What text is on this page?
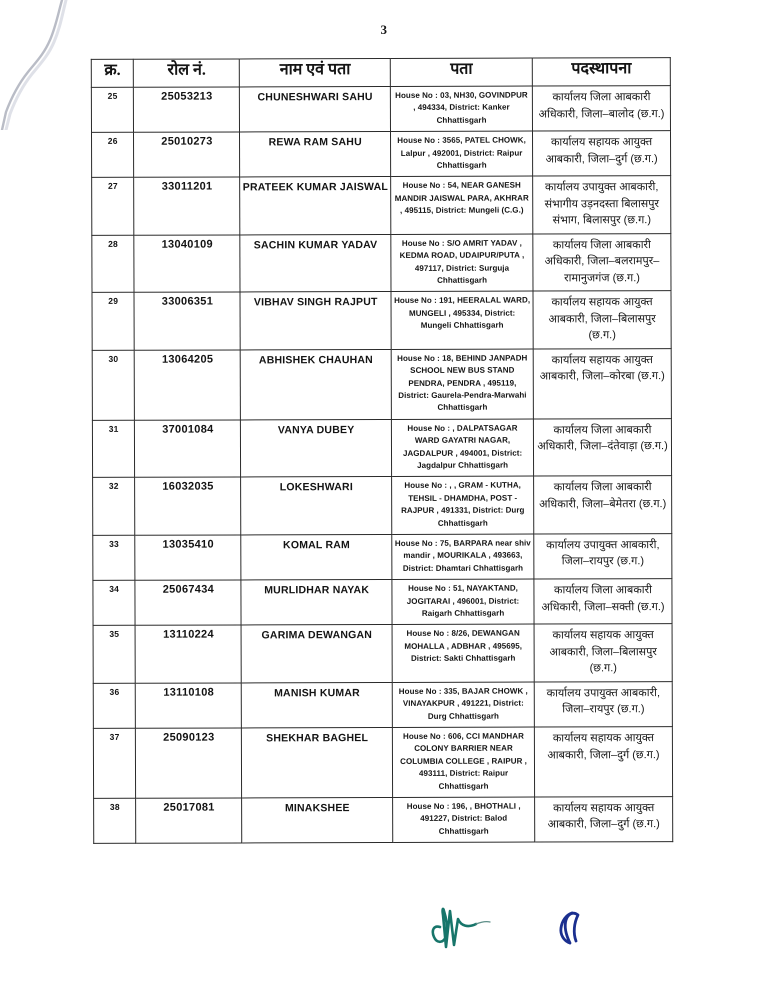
3
क्र.	रोल नं.	नाम एवं पता	पता	पदस्थापना
25	25053213	CHUNESHWARI SAHU	House No : 03, NH30, GOVINDPUR , 494334, District: Kanker Chhattisgarh	कार्यालय जिला आबकारी अधिकारी, जिला–बालोद (छ.ग.)
26	25010273	REWA RAM SAHU	House No : 3565, PATEL CHOWK, Lalpur , 492001, District: Raipur Chhattisgarh	कार्यालय सहायक आयुक्त आबकारी, जिला–दुर्ग (छ.ग.)
27	33011201	PRATEEK KUMAR JAISWAL	House No : 54, NEAR GANESH MANDIR JAISWAL PARA, AKHRAR , 495115, District: Mungeli (C.G.)	कार्यालय उपायुक्त आबकारी, संभागीय उड़नदस्ता बिलासपुर संभाग, बिलासपुर (छ.ग.)
28	13040109	SACHIN KUMAR YADAV	House No : S/O AMRIT YADAV , KEDMA ROAD, UDAIPUR/PUTA , 497117, District: Surguja Chhattisgarh	कार्यालय जिला आबकारी अधिकारी, जिला–बलरामपुर– रामानुजगंज (छ.ग.)
29	33006351	VIBHAV SINGH RAJPUT	House No : 191, HEERALAL WARD, MUNGELI , 495334, District: Mungeli Chhattisgarh	कार्यालय सहायक आयुक्त आबकारी, जिला–बिलासपुर (छ.ग.)
30	13064205	ABHISHEK CHAUHAN	House No : 18, BEHIND JANPADH SCHOOL NEW BUS STAND PENDRA, PENDRA , 495119, District: Gaurela-Pendra-Marwahi Chhattisgarh	कार्यालय सहायक आयुक्त आबकारी, जिला–कोरबा (छ.ग.)
31	37001084	VANYA DUBEY	House No : , DALPATSAGAR WARD GAYATRI NAGAR, JAGDALPUR , 494001, District: Jagdalpur Chhattisgarh	कार्यालय जिला आबकारी अधिकारी, जिला–दंतेवाड़ा (छ.ग.)
32	16032035	LOKESHWARI	House No : , , GRAM - KUTHA, TEHSIL - DHAMDHA, POST - RAJPUR , 491331, District: Durg Chhattisgarh	कार्यालय जिला आबकारी अधिकारी, जिला–बेमेतरा (छ.ग.)
33	13035410	KOMAL RAM	House No : 75, BARPARA near shiv mandir , MOURIKALA , 493663, District: Dhamtari Chhattisgarh	कार्यालय उपायुक्त आबकारी, जिला–रायपुर (छ.ग.)
34	25067434	MURLIDHAR NAYAK	House No : 51, NAYAKTAND, JOGITARAI , 496001, District: Raigarh Chhattisgarh	कार्यालय जिला आबकारी अधिकारी, जिला–सक्ती (छ.ग.)
35	13110224	GARIMA DEWANGAN	House No : 8/26, DEWANGAN MOHALLA , ADBHAR , 495695, District: Sakti Chhattisgarh	कार्यालय सहायक आयुक्त आबकारी, जिला–बिलासपुर (छ.ग.)
36	13110108	MANISH KUMAR	House No : 335, BAJAR CHOWK , VINAYAKPUR , 491221, District: Durg Chhattisgarh	कार्यालय उपायुक्त आबकारी, जिला–रायपुर (छ.ग.)
37	25090123	SHEKHAR BAGHEL	House No : 606, CCI MANDHAR COLONY BARRIER NEAR COLUMBIA COLLEGE , RAIPUR , 493111, District: Raipur Chhattisgarh	कार्यालय सहायक आयुक्त आबकारी, जिला–दुर्ग (छ.ग.)
38	25017081	MINAKSHEE	House No : 196, , BHOTHALI , 491227, District: Balod Chhattisgarh	कार्यालय सहायक आयुक्त आबकारी, जिला–दुर्ग (छ.ग.)
